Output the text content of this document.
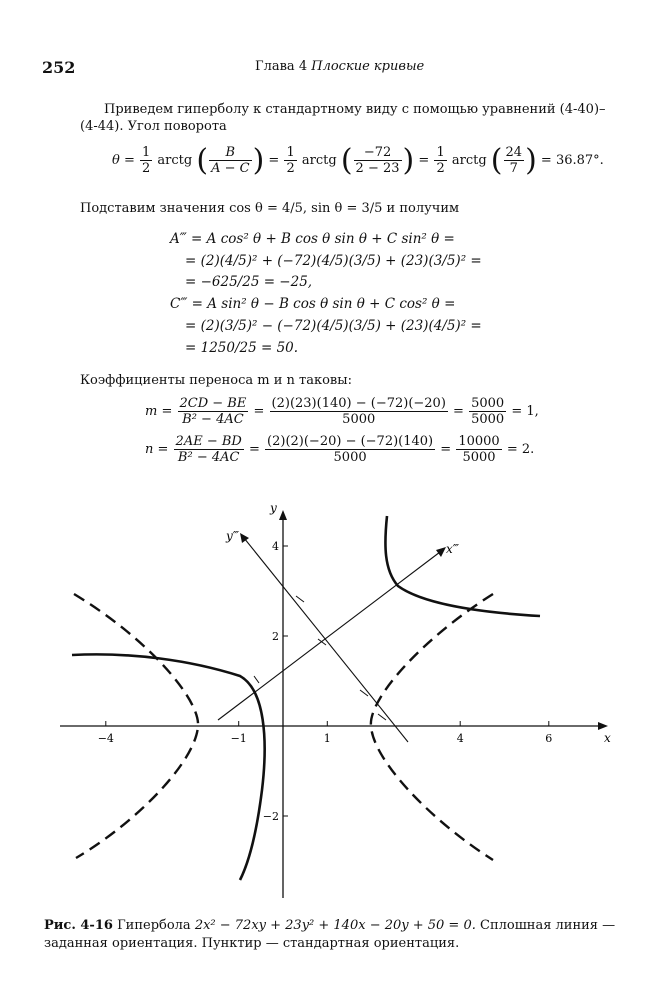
252	Глава 4 Плоские кривые
Приведем гиперболу к стандартному виду с помощью уравнений (4-40)–
(4-44). Угол поворота
$\theta = \frac{1}{2}$ arctg ( $\frac{B}{A - C}$ ) = $\frac{1}{2}$ arctg ( $\frac{-72}{2 - 23}$ ) = $\frac{1}{2}$ arctg ( $\frac{24}{7}$ ) = 36.87°.
Подставим значения cos θ = 4/5, sin θ = 3/5 и получим
A‴ = A cos² θ + B cos θ sin θ + C sin² θ =
= (2)(4/5)² + (−72)(4/5)(3/5) + (23)(3/5)² =
= −625/25 = −25,
C‴ = A sin² θ − B cos θ sin θ + C cos² θ =
= (2)(3/5)² − (−72)(4/5)(3/5) + (23)(4/5)² =
= 1250/25 = 50.
Коэффициенты переноса m и n таковы:
$m = \frac{2CD - BE}{\text{B² − 4AC}} = \frac{(2)(23)(140) - (-72)(-20)}{5000} = \frac{5000}{5000} = 1$,
$n = \frac{2AE - BD}{\text{B² − 4AC}} = \frac{(2)(2)(-20) - (-72)(140)}{5000} = \frac{10000}{5000} = 2$.
x
y
−4	−1	1	4	6
4
2
−2
x‴
y‴
Рис. 4-16 Гипербола 2x² − 72xy + 23y² + 140x − 20y + 50 = 0. Сплошная линия — заданная ориентация. Пунктир — стандартная ориентация.
